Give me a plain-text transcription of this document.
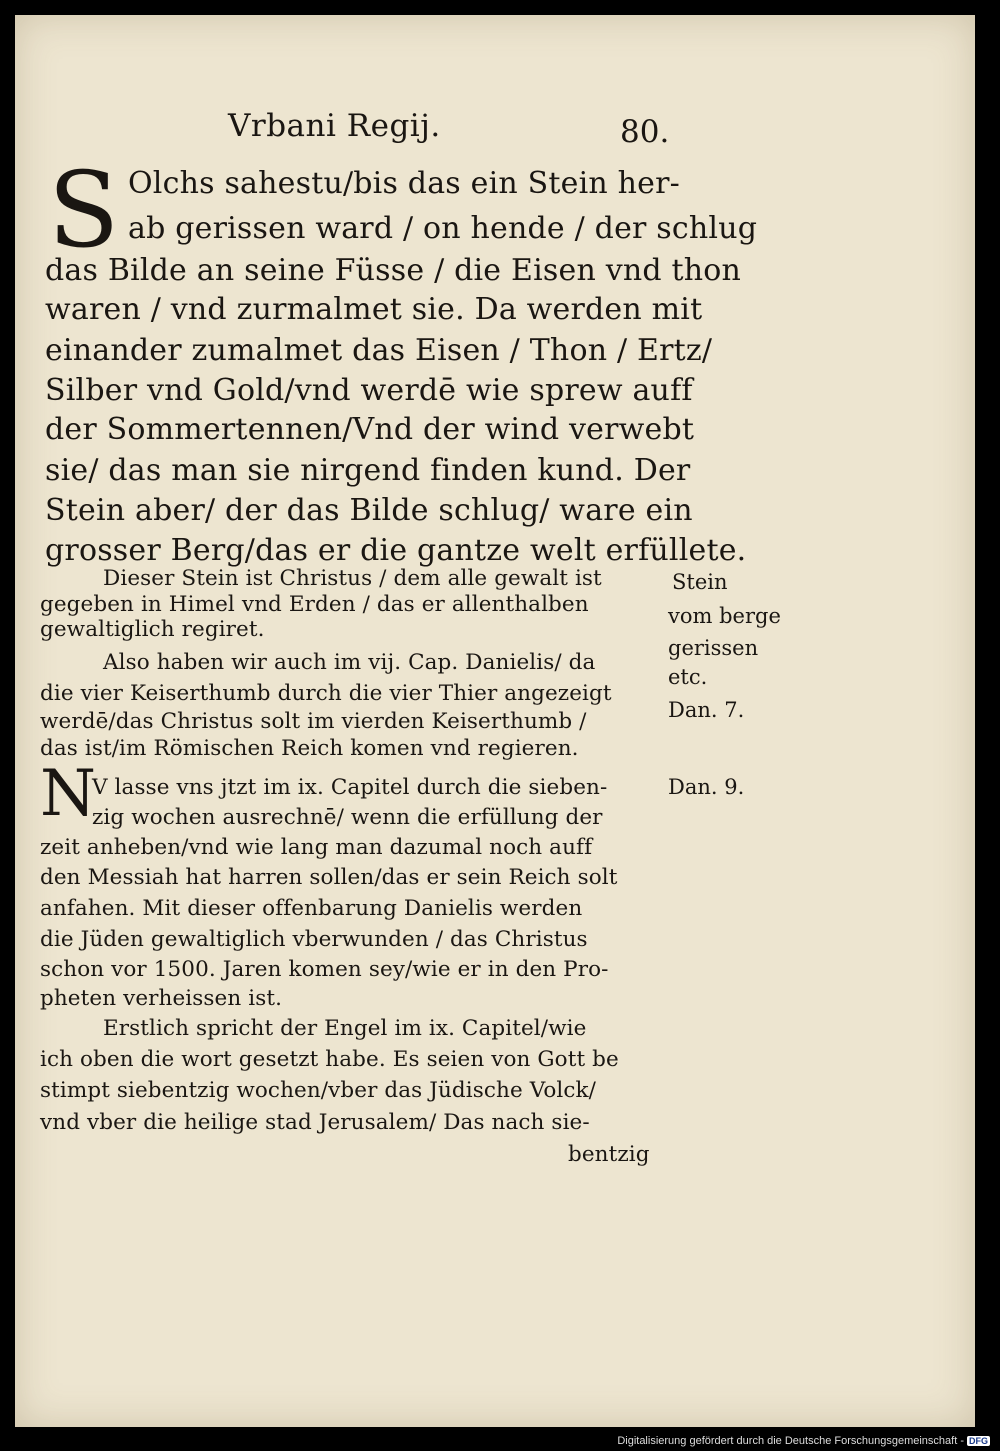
Vrbani Regij.	80.
S Olchs sahestu/bis das ein Stein her-
ab gerissen ward / on hende / der schlug
das Bilde an seine Füsse / die Eisen vnd thon
waren / vnd zurmalmet sie. Da werden mit
einander zumalmet das Eisen / Thon / Ertz/
Silber vnd Gold/vnd werdē wie sprew auff
der Sommertennen/Vnd der wind verwebt
sie/ das man sie nirgend finden kund. Der
Stein aber/ der das Bilde schlug/ ware ein
grosser Berg/das er die gantze welt erfüllete.
Dieser Stein ist Christus / dem alle gewalt ist
gegeben in Himel vnd Erden / das er allenthalben
gewaltiglich regiret.
Also haben wir auch im vij. Cap. Danielis/ da
die vier Keiserthumb durch die vier Thier angezeigt
werdē/das Christus solt im vierden Keiserthumb /
das ist/im Römischen Reich komen vnd regieren.
N
V lasse vns jtzt im ix. Capitel durch die sieben-
zig wochen ausrechnē/ wenn die erfüllung der
zeit anheben/vnd wie lang man dazumal noch auff
den Messiah hat harren sollen/das er sein Reich solt
anfahen. Mit dieser offenbarung Danielis werden
die Jüden gewaltiglich vberwunden / das Christus
schon vor 1500. Jaren komen sey/wie er in den Pro-
pheten verheissen ist.
Erstlich spricht der Engel im ix. Capitel/wie
ich oben die wort gesetzt habe. Es seien von Gott be
stimpt siebentzig wochen/vber das Jüdische Volck/
vnd vber die heilige stad Jerusalem/ Das nach sie-
bentzig
Stein
vom berge
gerissen
etc.
Dan. 7.
Dan. 9.
Digitalisierung gefördert durch die Deutsche Forschungsgemeinschaft - DFG
